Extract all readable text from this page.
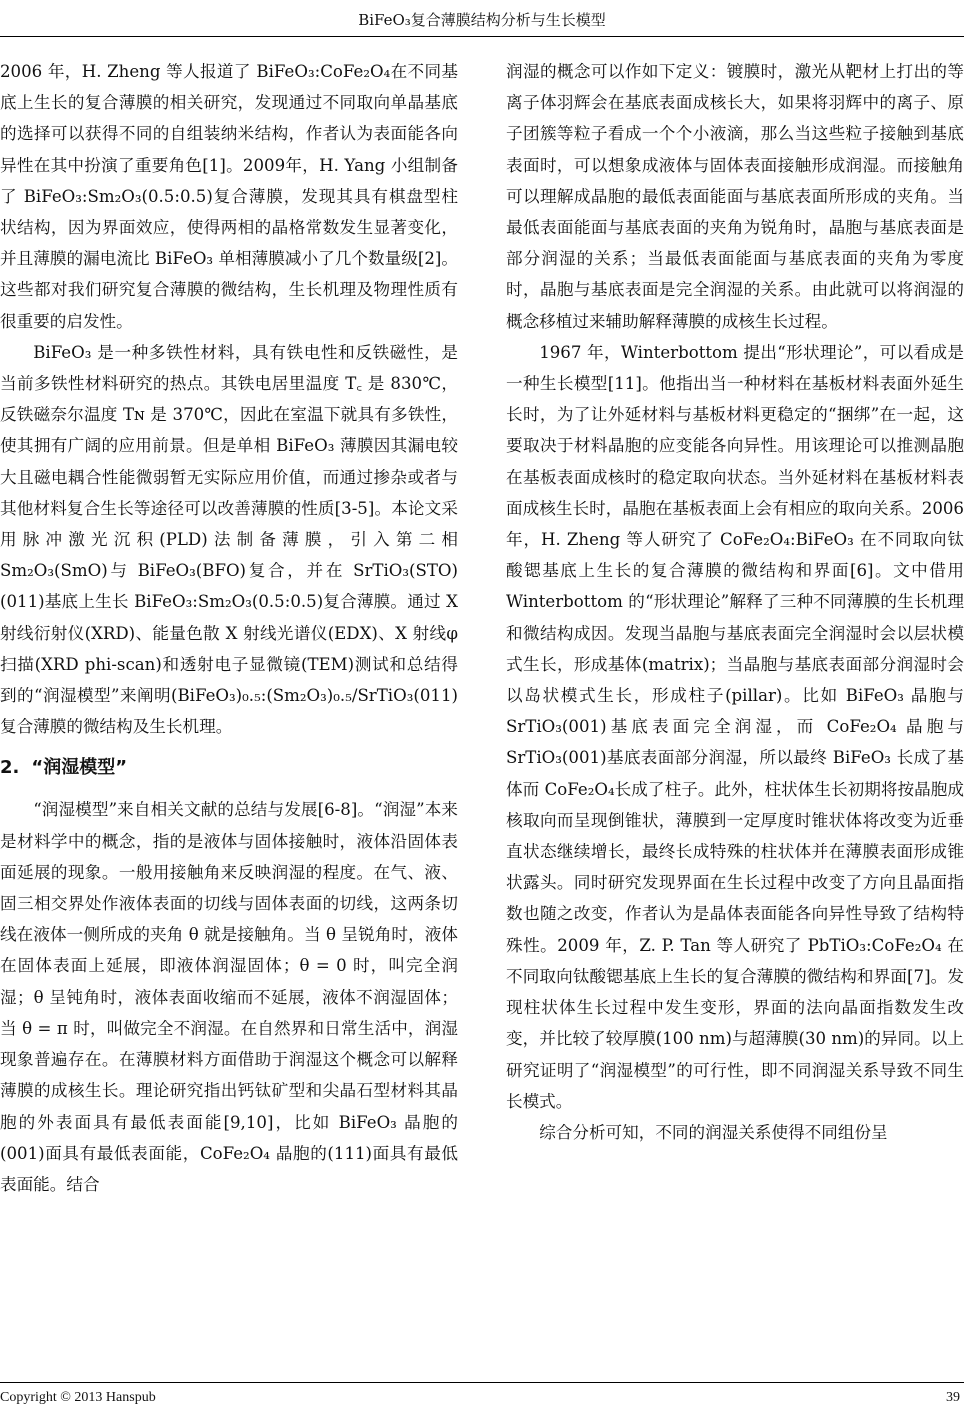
BiFeO₃复合薄膜结构分析与生长模型

2006 年，H. Zheng 等人报道了 BiFeO₃:CoFe₂O₄在不同基底上生长的复合薄膜的相关研究，发现通过不同取向单晶基底的选择可以获得不同的自组装纳米结构，作者认为表面能各向异性在其中扮演了重要角色[1]。2009年，H. Yang 小组制备了 BiFeO₃:Sm₂O₃(0.5:0.5)复合薄膜，发现其具有棋盘型柱状结构，因为界面效应，使得两相的晶格常数发生显著变化，并且薄膜的漏电流比 BiFeO₃ 单相薄膜减小了几个数量级[2]。这些都对我们研究复合薄膜的微结构，生长机理及物理性质有很重要的启发性。

BiFeO₃ 是一种多铁性材料，具有铁电性和反铁磁性，是当前多铁性材料研究的热点。其铁电居里温度 T꜀ 是 830℃，反铁磁奈尔温度 Tɴ 是 370℃，因此在室温下就具有多铁性，使其拥有广阔的应用前景。但是单相 BiFeO₃ 薄膜因其漏电较大且磁电耦合性能微弱暂无实际应用价值，而通过掺杂或者与其他材料复合生长等途径可以改善薄膜的性质[3-5]。本论文采用脉冲激光沉积(PLD)法制备薄膜，引入第二相 Sm₂O₃(SmO)与 BiFeO₃(BFO)复合，并在 SrTiO₃(STO)(011)基底上生长 BiFeO₃:Sm₂O₃(0.5:0.5)复合薄膜。通过 X 射线衍射仪(XRD)、能量色散 X 射线光谱仪(EDX)、X 射线φ扫描(XRD phi-scan)和透射电子显微镜(TEM)测试和总结得到的“润湿模型”来阐明(BiFeO₃)₀.₅:(Sm₂O₃)₀.₅/SrTiO₃(011)复合薄膜的微结构及生长机理。

2. “润湿模型”

“润湿模型”来自相关文献的总结与发展[6-8]。“润湿”本来是材料学中的概念，指的是液体与固体接触时，液体沿固体表面延展的现象。一般用接触角来反映润湿的程度。在气、液、固三相交界处作液体表面的切线与固体表面的切线，这两条切线在液体一侧所成的夹角 θ 就是接触角。当 θ 呈锐角时，液体在固体表面上延展，即液体润湿固体；θ = 0 时，叫完全润湿；θ 呈钝角时，液体表面收缩而不延展，液体不润湿固体；当 θ = π 时，叫做完全不润湿。在自然界和日常生活中，润湿现象普遍存在。在薄膜材料方面借助于润湿这个概念可以解释薄膜的成核生长。理论研究指出钙钛矿型和尖晶石型材料其晶胞的外表面具有最低表面能[9,10]，比如 BiFeO₃ 晶胞的(001)面具有最低表面能，CoFe₂O₄ 晶胞的(111)面具有最低表面能。结合

润湿的概念可以作如下定义：镀膜时，激光从靶材上打出的等离子体羽辉会在基底表面成核长大，如果将羽辉中的离子、原子团簇等粒子看成一个个小液滴，那么当这些粒子接触到基底表面时，可以想象成液体与固体表面接触形成润湿。而接触角可以理解成晶胞的最低表面能面与基底表面所形成的夹角。当最低表面能面与基底表面的夹角为锐角时，晶胞与基底表面是部分润湿的关系；当最低表面能面与基底表面的夹角为零度时，晶胞与基底表面是完全润湿的关系。由此就可以将润湿的概念移植过来辅助解释薄膜的成核生长过程。

1967 年，Winterbottom 提出“形状理论”，可以看成是一种生长模型[11]。他指出当一种材料在基板材料表面外延生长时，为了让外延材料与基板材料更稳定的“捆绑”在一起，这要取决于材料晶胞的应变能各向异性。用该理论可以推测晶胞在基板表面成核时的稳定取向状态。当外延材料在基板材料表面成核生长时，晶胞在基板表面上会有相应的取向关系。2006 年，H. Zheng 等人研究了 CoFe₂O₄:BiFeO₃ 在不同取向钛酸锶基底上生长的复合薄膜的微结构和界面[6]。文中借用 Winterbottom 的“形状理论”解释了三种不同薄膜的生长机理和微结构成因。发现当晶胞与基底表面完全润湿时会以层状模式生长，形成基体(matrix)；当晶胞与基底表面部分润湿时会以岛状模式生长，形成柱子(pillar)。比如 BiFeO₃ 晶胞与 SrTiO₃(001)基底表面完全润湿，而 CoFe₂O₄ 晶胞与 SrTiO₃(001)基底表面部分润湿，所以最终 BiFeO₃ 长成了基体而 CoFe₂O₄长成了柱子。此外，柱状体生长初期将按晶胞成核取向而呈现倒锥状，薄膜到一定厚度时锥状体将改变为近垂直状态继续增长，最终长成特殊的柱状体并在薄膜表面形成锥状露头。同时研究发现界面在生长过程中改变了方向且晶面指数也随之改变，作者认为是晶体表面能各向异性导致了结构特殊性。2009 年，Z. P. Tan 等人研究了 PbTiO₃:CoFe₂O₄ 在不同取向钛酸锶基底上生长的复合薄膜的微结构和界面[7]。发现柱状体生长过程中发生变形，界面的法向晶面指数发生改变，并比较了较厚膜(100 nm)与超薄膜(30 nm)的异同。以上研究证明了“润湿模型”的可行性，即不同润湿关系导致不同生长模式。

综合分析可知，不同的润湿关系使得不同组份呈

Copyright © 2013 Hanspub	39
